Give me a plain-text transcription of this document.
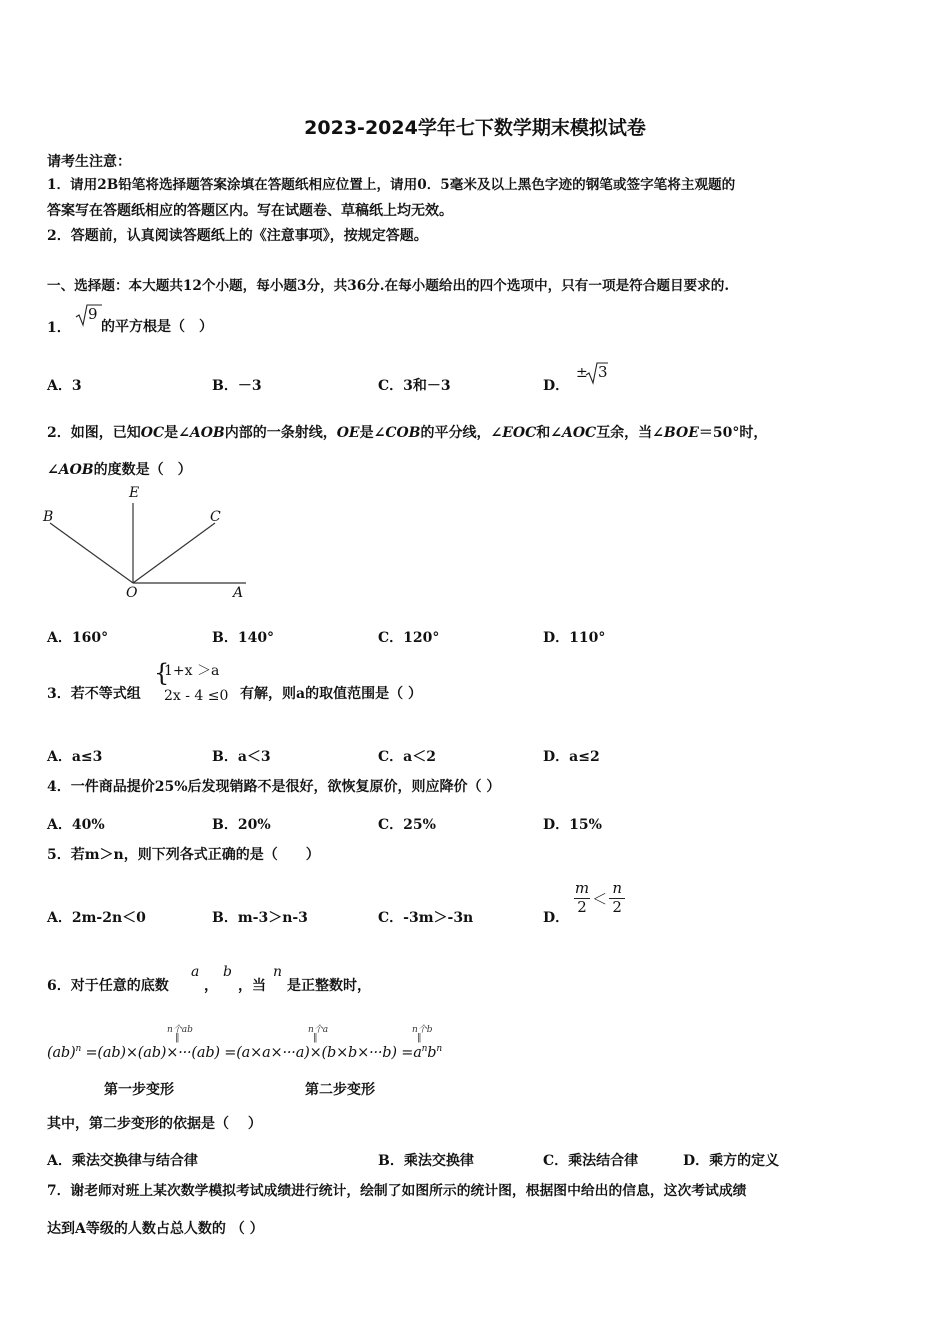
2023-2024学年七下数学期末模拟试卷
请考生注意：
1．请用2B铅笔将选择题答案涂填在答题纸相应位置上，请用0．5毫米及以上黑色字迹的钢笔或签字笔将主观题的
答案写在答题纸相应的答题区内。写在试题卷、草稿纸上均无效。
2．答题前，认真阅读答题纸上的《注意事项》，按规定答题。
一、选择题：本大题共12个小题，每小题3分，共36分.在每小题给出的四个选项中，只有一项是符合题目要求的.
1．
9
的平方根是（　）
A．3	B．－3	C．3和－3	D．
± 3
2．如图，已知OC是∠AOB内部的一条射线，OE是∠COB的平分线，∠EOC和∠AOC互余，当∠BOE＝50°时，
∠AOB的度数是（　）
E
B	C
O	A
A．160°	B．140°	C．120°	D．110°
3．若不等式组
{
1+x ＞a
2x - 4 ≤0 有解，则a的取值范围是（ ）
A．a≤3	B．a＜3	C．a＜2	D．a≤2
4．一件商品提价25%后发现销路不是很好，欲恢复原价，则应降价（ ）
A．40%	B．20%	C．25%	D．15%
5．若m＞n，则下列各式正确的是（　　）
A．2m-2n＜0	B．m-3＞n-3	C．-3m＞-3n	D．
$\frac{m}{2} < \frac{n}{2}$
6．对于任意的底数
a
，
b
，当
n
是正整数时，
n个ab
‖
n个a
‖
n个b
‖
$(ab)^n =(ab)\times(ab)\times\cdot\cdot\cdot(ab) =(a\times a\times\cdot\cdot\cdot a)\times(b\times b\times\cdot\cdot\cdot b) =a^nb^n$
第一步变形	第二步变形
其中，第二步变形的依据是（　 ）
A．乘法交换律与结合律	B．乘法交换律	C．乘法结合律	D．乘方的定义
7．谢老师对班上某次数学模拟考试成绩进行统计，绘制了如图所示的统计图，根据图中给出的信息，这次考试成绩
达到A等级的人数占总人数的 （ ）
